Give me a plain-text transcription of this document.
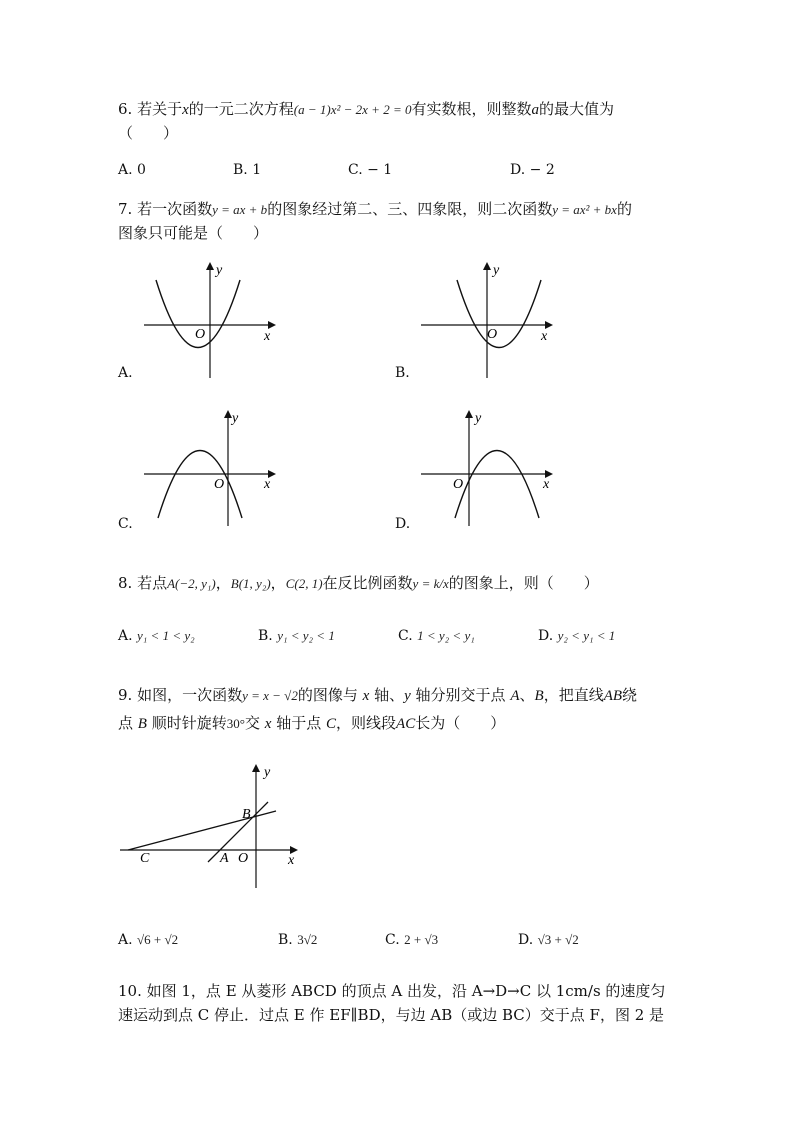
6. 若关于x的一元二次方程(a − 1)x² − 2x + 2 = 0有实数根，则整数a的最大值为
（　　）
A. 0	B. 1	C. − 1	D. − 2
7. 若一次函数y = ax + b的图象经过第二、三、四象限，则二次函数y = ax² + bx的
图象只可能是（　　）
y
x
O
A.
y
x
O
B.
y
x
O
C.
y
x
O
D.
8. 若点A(−2, y₁)，B(1, y₂)，C(2, 1)在反比例函数y = k/x的图象上，则（　　）
A. y₁ < 1 < y₂	B. y₁ < y₂ < 1	C. 1 < y₂ < y₁	D. y₂ < y₁ < 1
9. 如图，一次函数y = x − √2的图像与 x 轴、y 轴分别交于点 A、B，把直线AB绕
点 B 顺时针旋转30°交 x 轴于点 C，则线段AC长为（　　）
y
x
B
C	A O
A. √6 + √2	B. 3√2	C. 2 + √3	D. √3 + √2
10. 如图 1，点 E 从菱形 ABCD 的顶点 A 出发，沿 A→D→C 以 1cm/s 的速度匀
速运动到点 C 停止．过点 E 作 EF∥BD，与边 AB（或边 BC）交于点 F，图 2 是
